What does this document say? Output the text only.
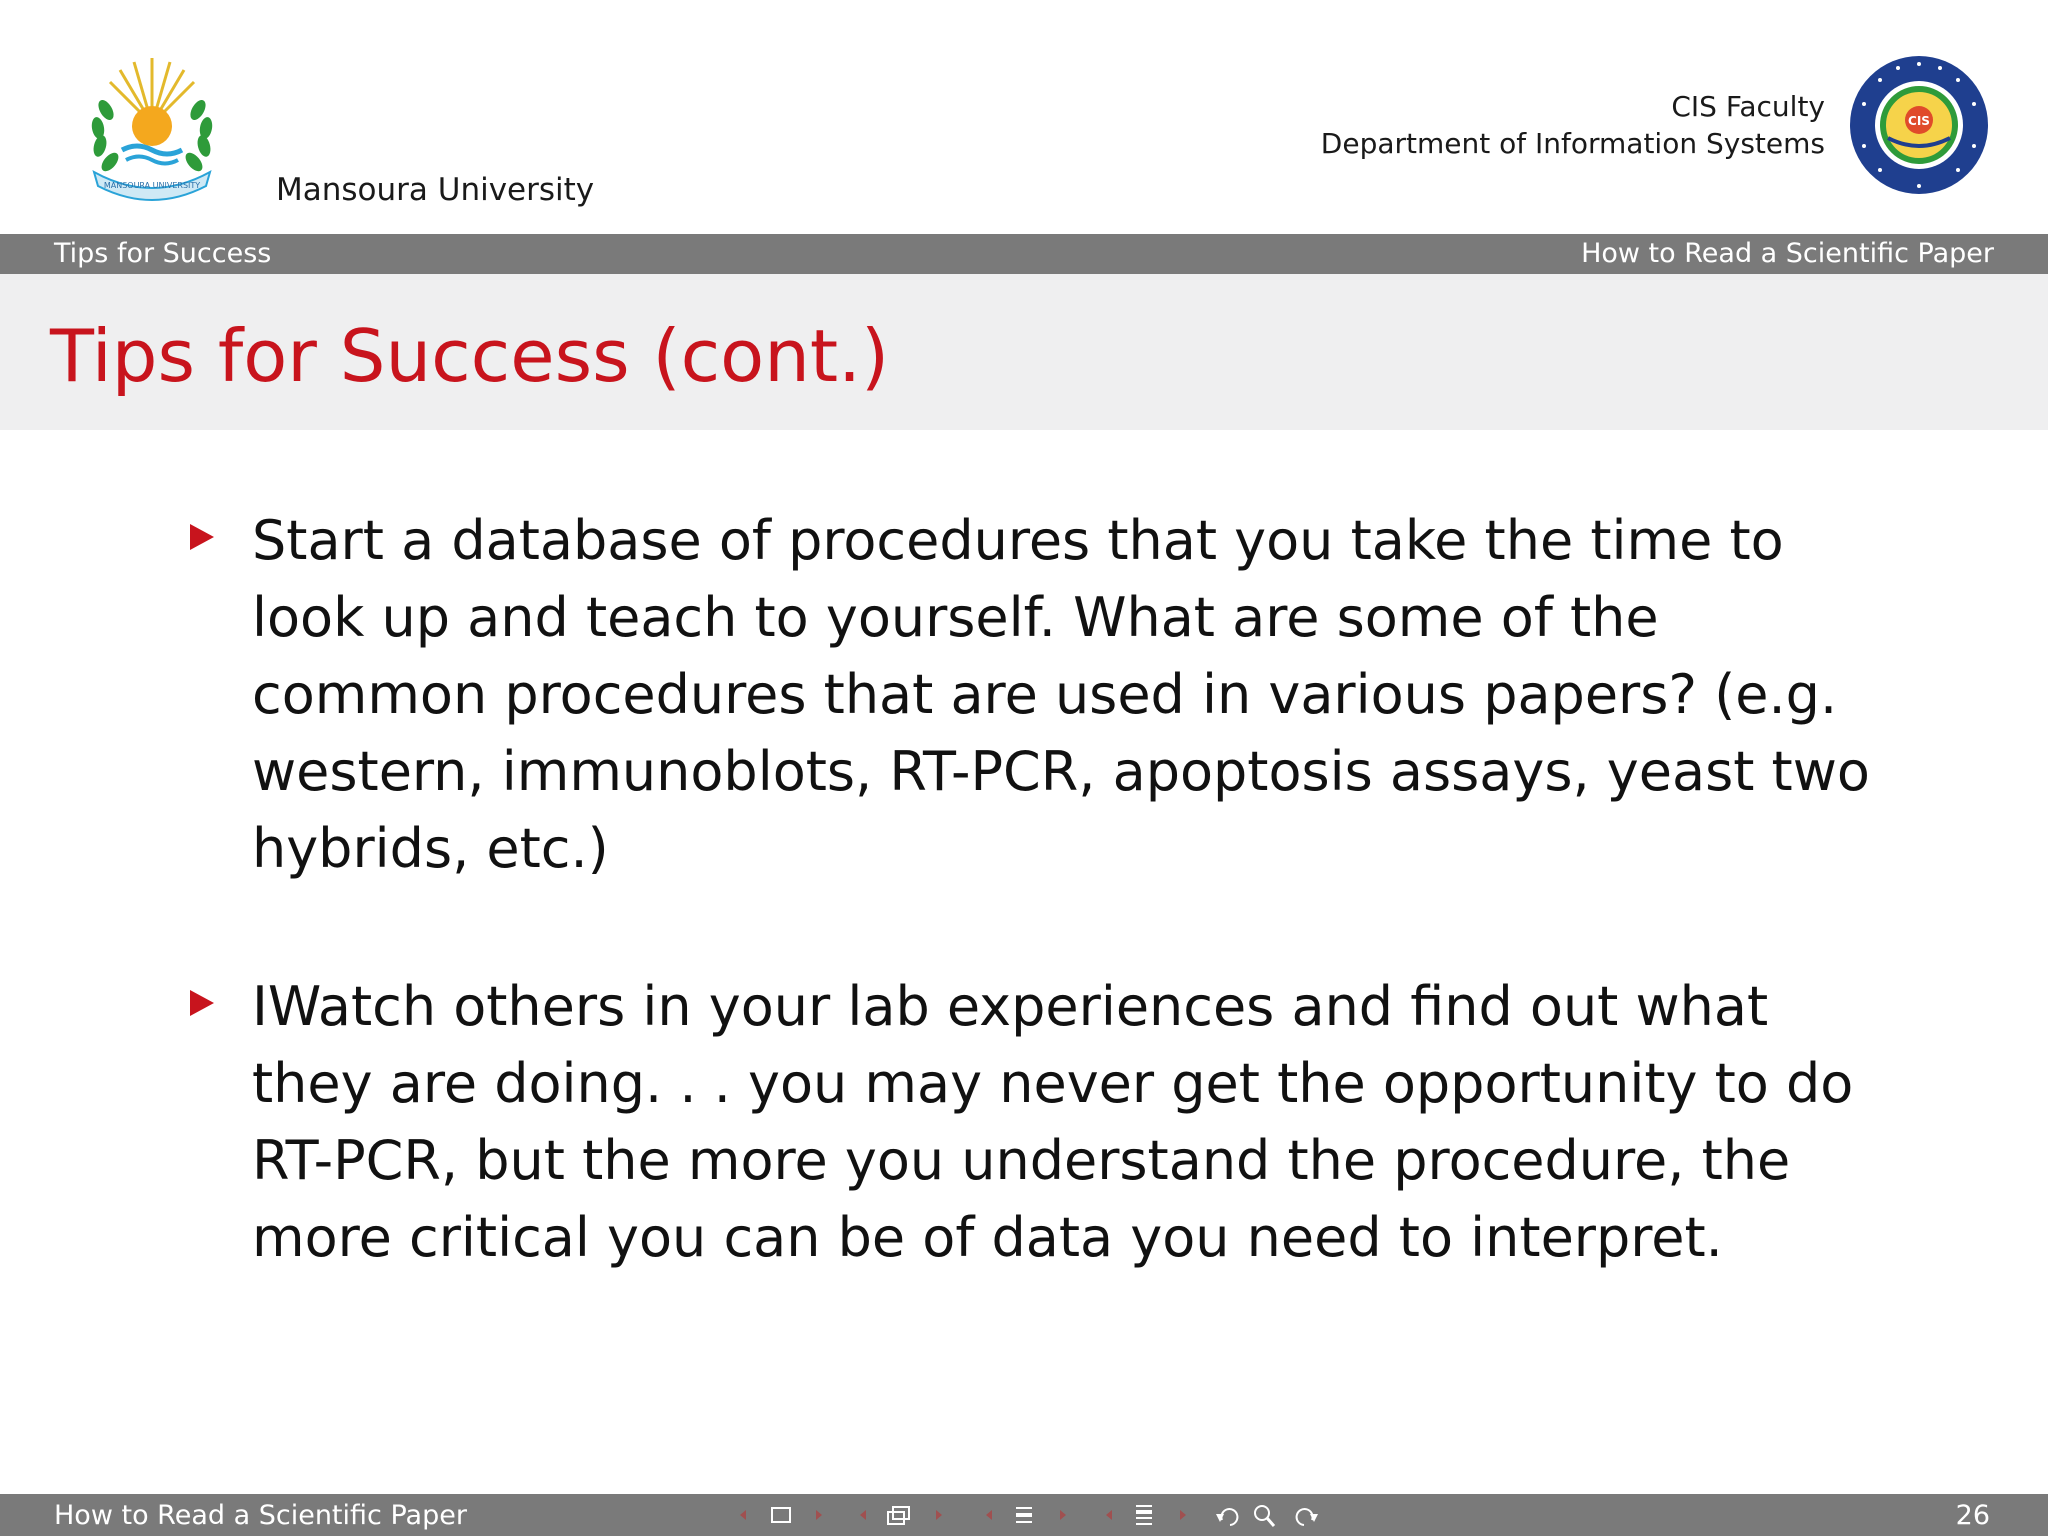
MANSOURA UNIVERSITY Mansoura University
CIS Faculty
Department of Information Systems
CIS
Tips for Success	How to Read a Scientific Paper
Tips for Success (cont.)
Start a database of procedures that you take the time to look up and teach to yourself. What are some of the common procedures that are used in various papers? (e.g. western, immunoblots, RT-PCR, apoptosis assays, yeast two hybrids, etc.)
IWatch others in your lab experiences and find out what they are doing. . . you may never get the opportunity to do RT-PCR, but the more you understand the procedure, the more critical you can be of data you need to interpret.
How to Read a Scientific Paper	26
